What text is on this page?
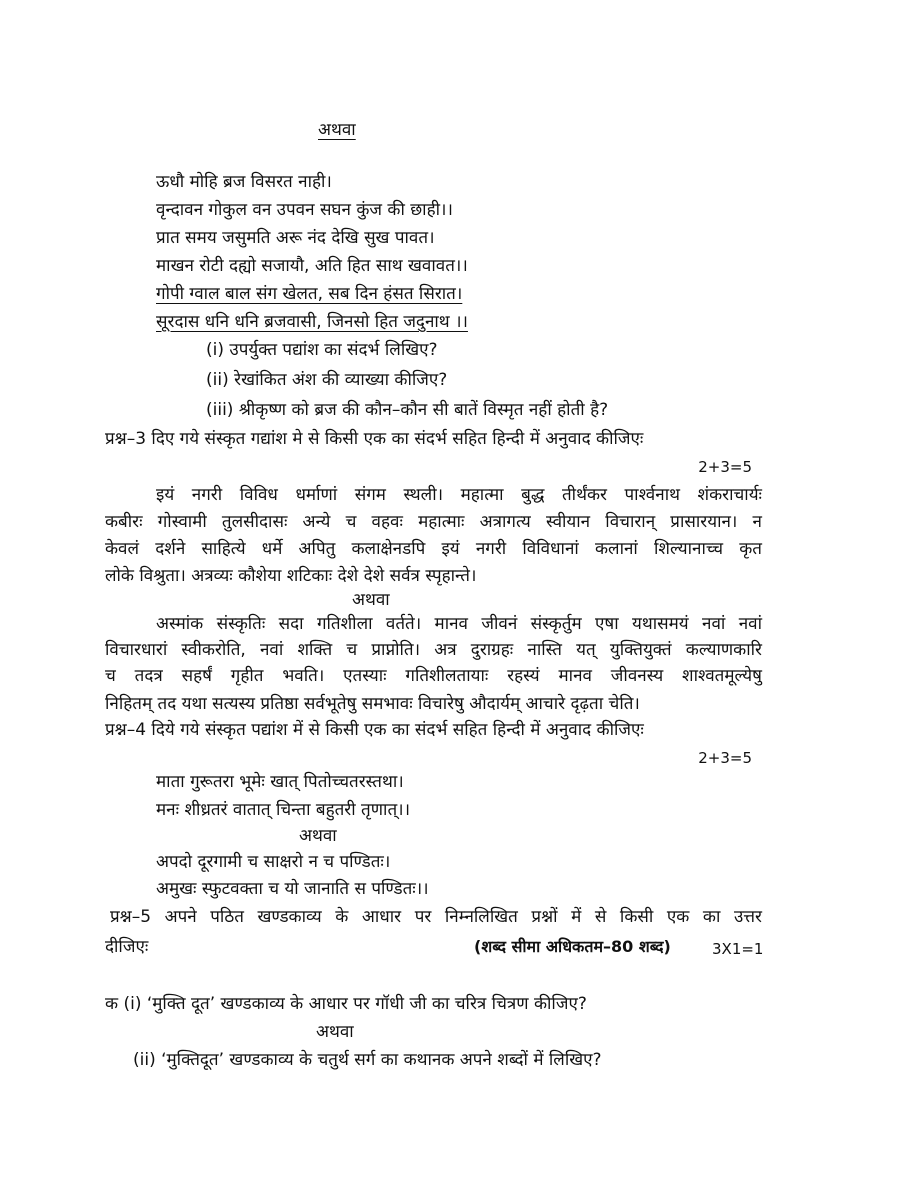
अथवा
ऊधौ मोहि ब्रज विसरत नाही।
वृन्दावन गोकुल वन उपवन सघन कुंज की छाही।।
प्रात समय जसुमति अरू नंद देखि सुख पावत।
माखन रोटी दह्यो सजायौ, अति हित साथ खवावत।।
गोपी ग्वाल बाल संग खेलत, सब दिन हंसत सिरात।
सूरदास धनि धनि ब्रजवासी, जिनसो हित जदुनाथ ।।
(i) उपर्युक्त पद्यांश का संदर्भ लिखिए?
(ii) रेखांकित अंश की व्याख्या कीजिए?
(iii) श्रीकृष्ण को ब्रज की कौन–कौन सी बातें विस्मृत नहीं होती है?
प्रश्न–3 दिए गये संस्कृत गद्यांश मे से किसी एक का संदर्भ सहित हिन्दी में अनुवाद कीजिएः
2+3=5
इयं नगरी विविध धर्माणां संगम स्थली। महात्मा बुद्ध तीर्थंकर पार्श्वनाथ शंकराचार्यः
कबीरः गोस्वामी तुलसीदासः अन्ये च वहवः महात्माः अत्रागत्य स्वीयान विचारान् प्रासारयान। न
केवलं दर्शने साहित्ये धर्मे अपितु कलाक्षेनडपि इयं नगरी विविधानां कलानां शिल्यानाच्च कृत
लोके विश्रुता। अत्रव्यः कौशेया शटिकाः देशे देशे सर्वत्र स्पृहान्ते।
अथवा
अस्मांक संस्कृतिः सदा गतिशीला वर्तते। मानव जीवनं संस्कृर्तुम एषा यथासमयं नवां नवां
विचारधारां स्वीकरोति, नवां शक्ति च प्राप्नोति। अत्र दुराग्रहः नास्ति यत् युक्तियुक्तं कल्याणकारि
च तदत्र सहर्षं गृहीत भवति। एतस्याः गतिशीलतायाः रहस्यं मानव जीवनस्य शाश्वतमूल्येषु
निहितम् तद यथा सत्यस्य प्रतिष्ठा सर्वभूतेषु समभावः विचारेषु औदार्यम् आचारे दृढ़ता चेति।
प्रश्न–4 दिये गये संस्कृत पद्यांश में से किसी एक का संदर्भ सहित हिन्दी में अनुवाद कीजिएः
2+3=5
माता गुरूतरा भूमेः खात् पितोच्चतरस्तथा।
मनः शीध्रतरं वातात् चिन्ता बहुतरी तृणात्।।
अथवा
अपदो दूरगामी च साक्षरो न च पण्डितः।
अमुखः स्फुटवक्ता च यो जानाति स पण्डितः।।
प्रश्न–5 अपने पठित खण्डकाव्य के आधार पर निम्नलिखित प्रश्नों में से किसी एक का उत्तर
दीजिएः	(शब्द सीमा अधिकतम–80 शब्द)	3X1=1
क (i) ‘मुक्ति दूत’ खण्डकाव्य के आधार पर गॉधी जी का चरित्र चित्रण कीजिए?
अथवा
(ii) ‘मुक्तिदूत’ खण्डकाव्य के चतुर्थ सर्ग का कथानक अपने शब्दों में लिखिए?
